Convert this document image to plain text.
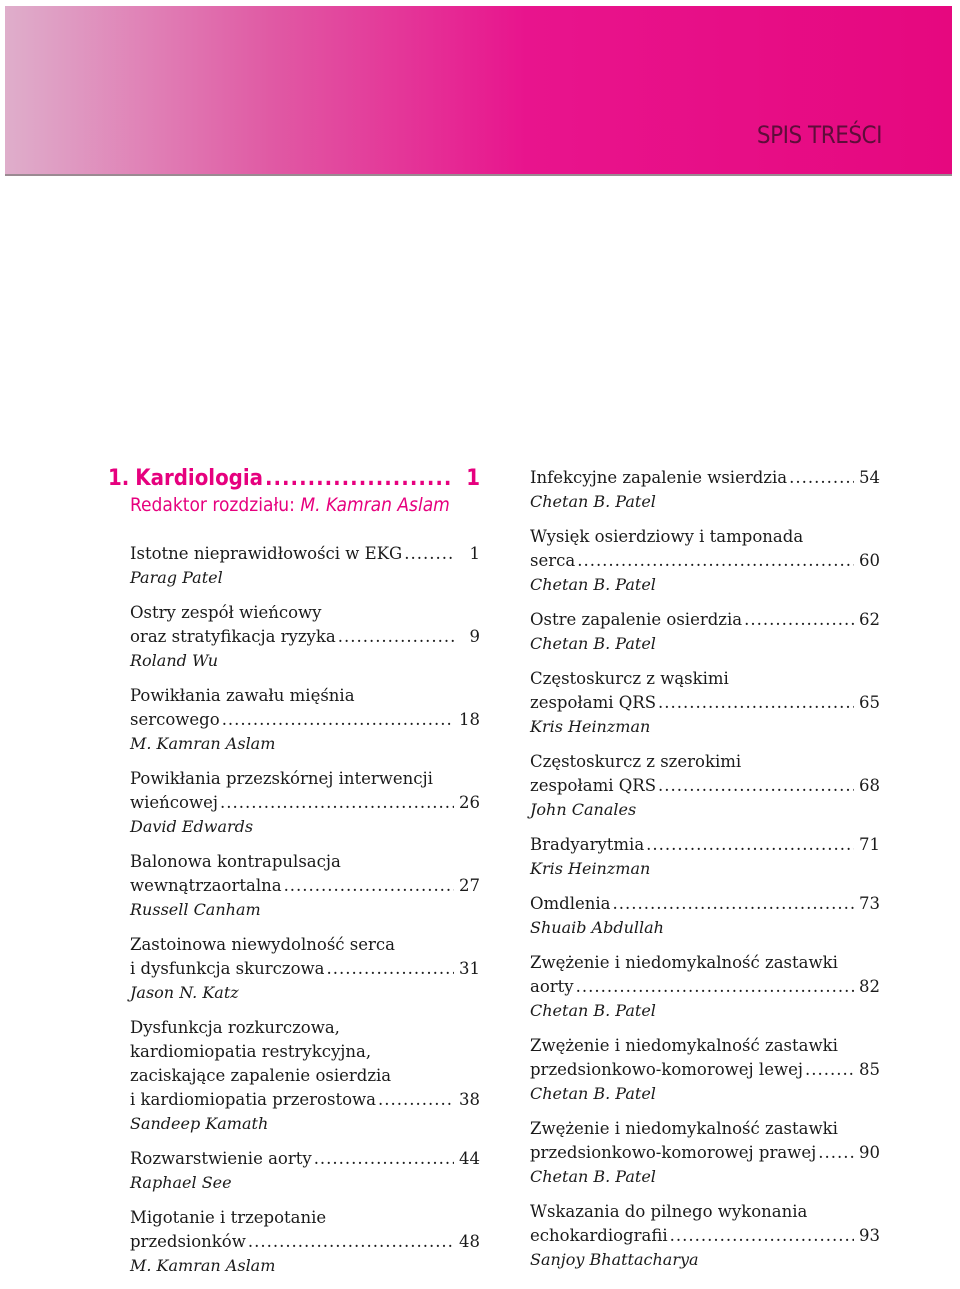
SPIS TREŚCI
1. Kardiologia .....	1
Redaktor rozdziału: M. Kamran Aslam
Istotne nieprawidłowości w EKG .....	1
Parag Patel
Ostry zespół wieńcowy
oraz stratyfikacja ryzyka .....	9
Roland Wu
Powikłania zawału mięśnia
sercowego .....	18
M. Kamran Aslam
Powikłania przezskórnej interwencji
wieńcowej .....	26
David Edwards
Balonowa kontrapulsacja
wewnątrzaortalna .....	27
Russell Canham
Zastoinowa niewydolność serca
i dysfunkcja skurczowa .....	31
Jason N. Katz
Dysfunkcja rozkurczowa,
kardiomiopatia restrykcyjna,
zaciskające zapalenie osierdzia
i kardiomiopatia przerostowa .....	38
Sandeep Kamath
Rozwarstwienie aorty .....	44
Raphael See
Migotanie i trzepotanie
przedsionków .....	48
M. Kamran Aslam
Infekcyjne zapalenie wsierdzia .....	54
Chetan B. Patel
Wysięk osierdziowy i tamponada
serca .....	60
Chetan B. Patel
Ostre zapalenie osierdzia .....	62
Chetan B. Patel
Częstoskurcz z wąskimi
zespołami QRS .....	65
Kris Heinzman
Częstoskurcz z szerokimi
zespołami QRS .....	68
John Canales
Bradyarytmia .....	71
Kris Heinzman
Omdlenia .....	73
Shuaib Abdullah
Zwężenie i niedomykalność zastawki
aorty .....	82
Chetan B. Patel
Zwężenie i niedomykalność zastawki
przedsionkowo-komorowej lewej .....	85
Chetan B. Patel
Zwężenie i niedomykalność zastawki
przedsionkowo-komorowej prawej .....	90
Chetan B. Patel
Wskazania do pilnego wykonania
echokardiografii .....	93
Sanjoy Bhattacharya
